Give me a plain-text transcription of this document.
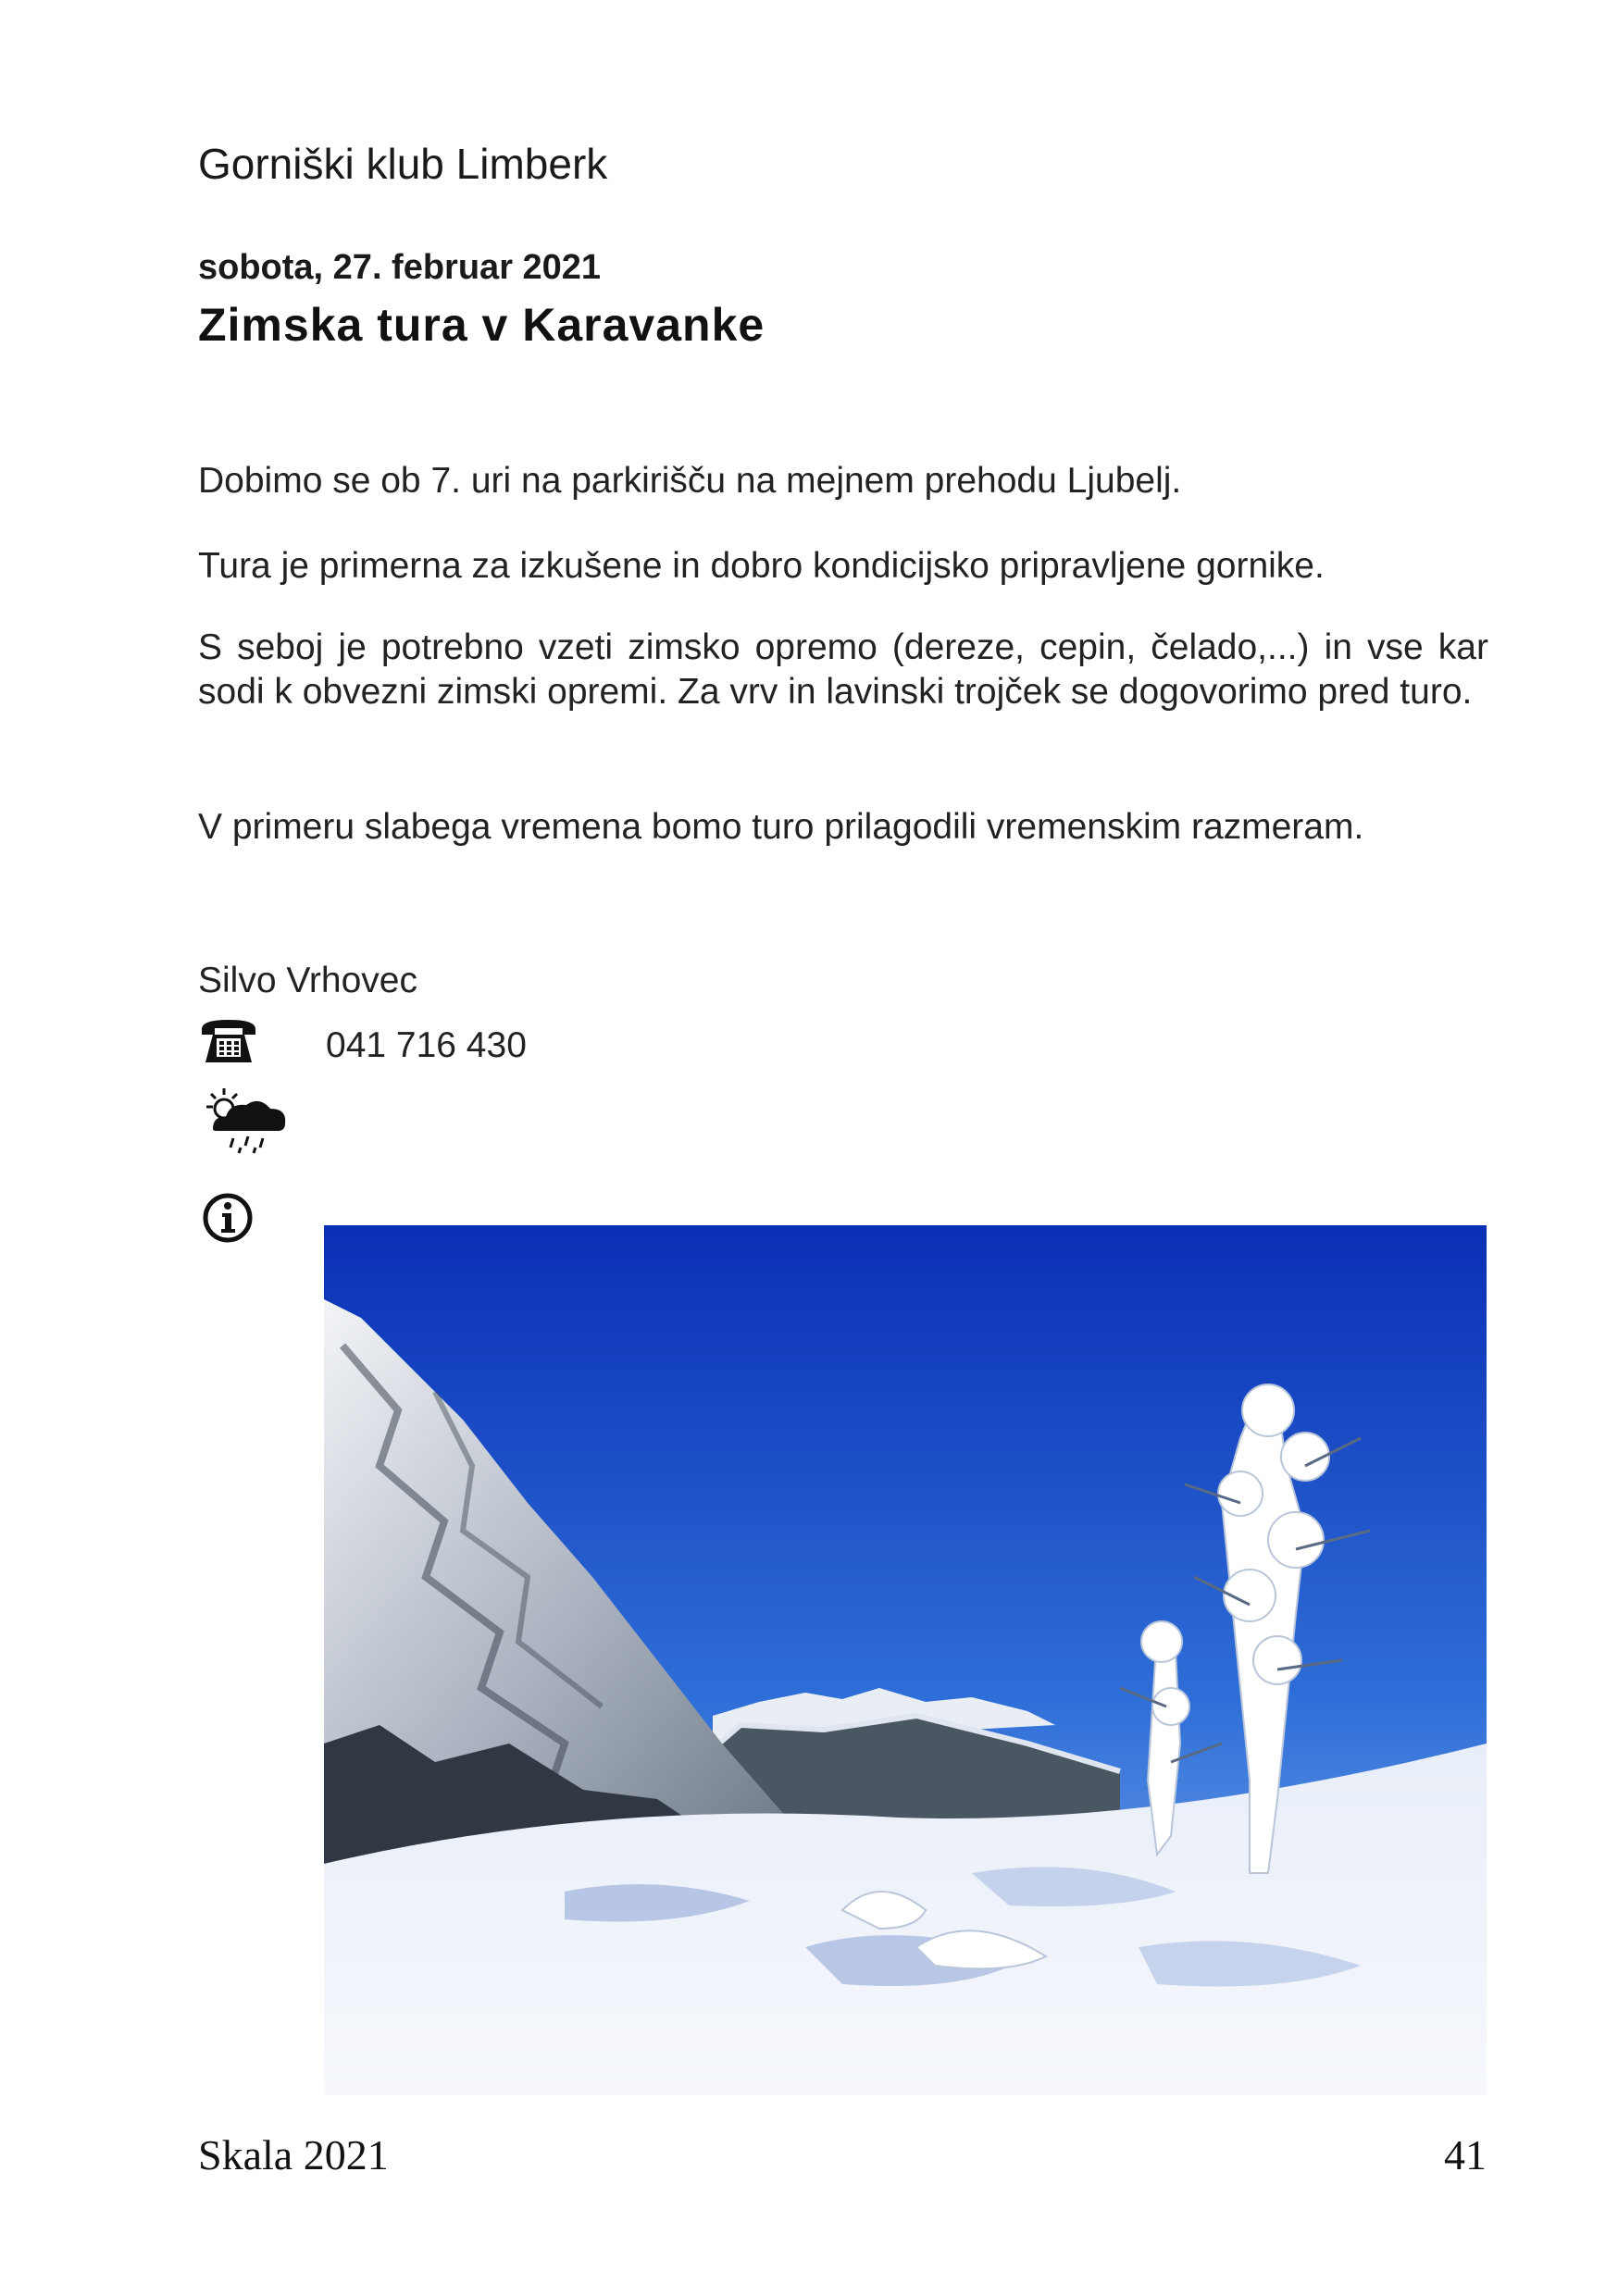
Gorniški klub Limberk
sobota, 27. februar 2021
Zimska tura v Karavanke

Dobimo se ob 7. uri na parkirišču na mejnem prehodu Ljubelj.

Tura je primerna za izkušene in dobro kondicijsko pripravljene gornike.

S seboj je potrebno vzeti zimsko opremo (dereze, cepin, čelado,...) in vse kar sodi k obvezni zimski opremi. Za vrv in lavinski trojček se dogovorimo pred turo.

V primeru slabega vremena bomo turo prilagodili vremenskim razmeram.

Silvo Vrhovec
041 716 430
Skala 2021	41
